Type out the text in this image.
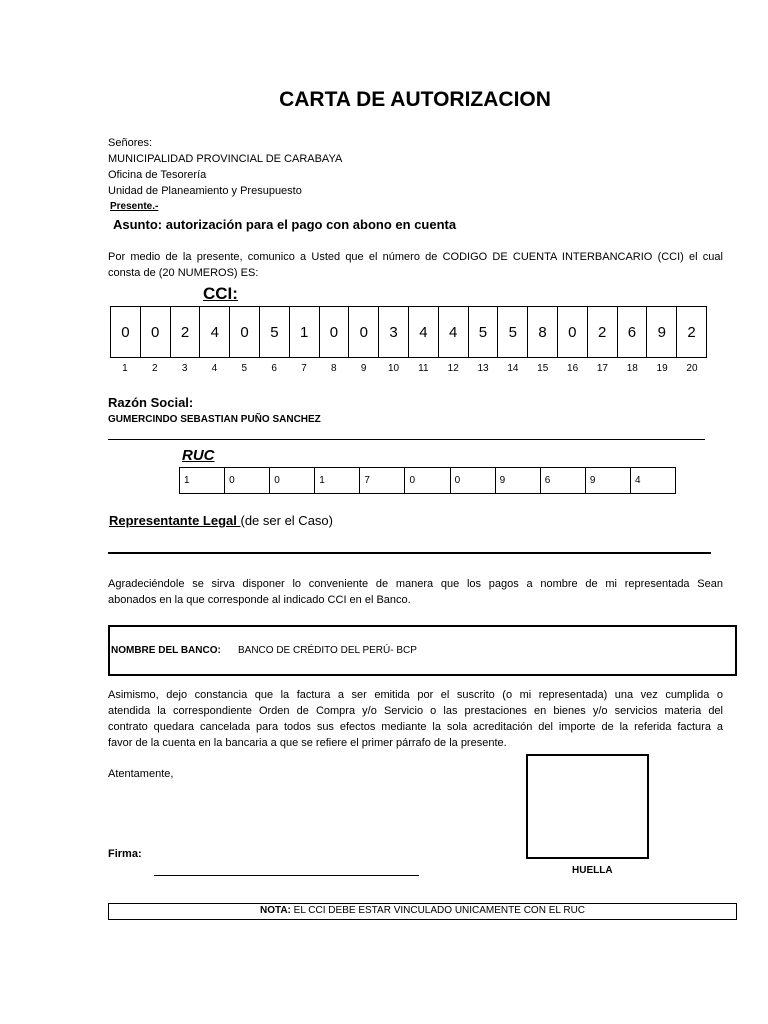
CARTA DE AUTORIZACION
Señores:
MUNICIPALIDAD PROVINCIAL DE CARABAYA
Oficina de Tesorería
Unidad de Planeamiento y Presupuesto
Presente.-
Asunto: autorización para el pago con abono en cuenta
Por medio de la presente, comunico a Usted que el número de CODIGO DE CUENTA INTERBANCARIO (CCI) el cual
consta de (20 NUMEROS) ES:
CCI:
0	0	2	4	0	5	1	0	0	3	4	4	5	5	8	0	2	6	9	2
1	2	3	4	5	6	7	8	9	10	11	12	13	14	15	16	17	18	19	20
Razón Social:
GUMERCINDO SEBASTIAN PUÑO SANCHEZ
RUC
1	0	0	1	7	0	0	9	6	9	4
Representante Legal (de ser el Caso)
Agradeciéndole se sirva disponer lo conveniente de manera que los pagos a nombre de mi representada Sean
abonados en la que corresponde al indicado CCI en el Banco.
NOMBRE DEL BANCO: BANCO DE CRÉDITO DEL PERÚ- BCP
Asimismo, dejo constancia que la factura a ser emitida por el suscrito (o mi representada) una vez cumplida o
atendida la correspondiente Orden de Compra y/o Servicio o las prestaciones en bienes y/o servicios materia del
contrato quedara cancelada para todos sus efectos mediante la sola acreditación del importe de la referida factura a
favor de la cuenta en la bancaria a que se refiere el primer párrafo de la presente.
Atentamente,
Firma:
HUELLA
NOTA: EL CCI DEBE ESTAR VINCULADO UNICAMENTE CON EL RUC
